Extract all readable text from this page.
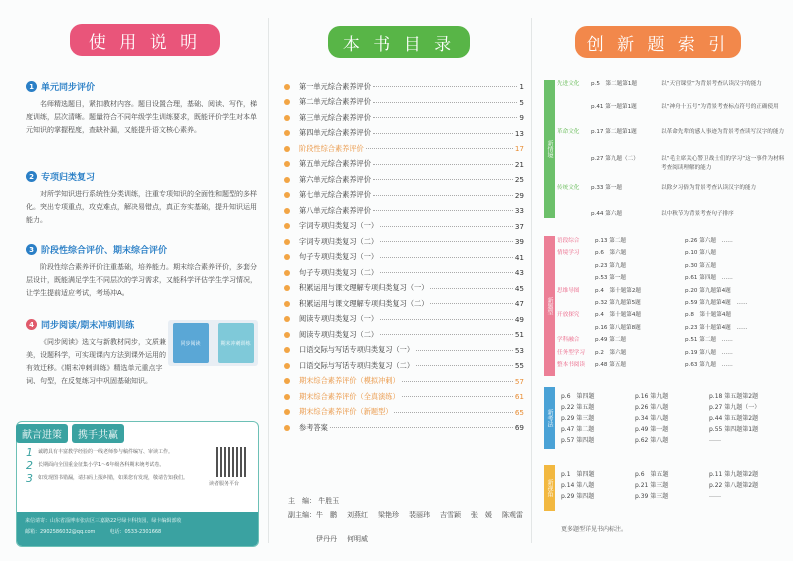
使 用 说 明
1 单元同步评价
名师精选题目，紧扣教材内容。题目设置合理，基础、阅读、写作，梯度训练，层次清晰。题量符合不同年级学生训练要求，既能评价学生对本单元知识的掌握程度，查缺补漏，又能提升语文核心素养。
2 专项归类复习
对所学知识进行系统性分类训练，注重专项知识的全面性和题型的多样化。突出专项重点，攻克难点，解决易错点，真正夯实基础，提升知识运用能力。
3 阶段性综合评价、期末综合评价
阶段性综合素养评价注重基础，培养能力。期末综合素养评价，多套分层设计，既能满足学生不同层次的学习需求，又能科学评估学生学习情况，让学生提前适应考试，考场冲A。
4 同步阅读/期末冲刺训练
《同步阅读》选文与新教材同步，文质兼美，设题科学，可实现课内方法到课外运用的有效迁移。《期末冲刺训练》精选单元重点字词、句型，在反复练习中巩固基础知识。
同步阅读	期末冲刺训练
献言进策	携手共赢
1	诚聘具有丰富教学经验的一线老师参与稿件编写、审读工作。
2	长期面向全国重金征集小学1～6年级各科期末统考试卷。
3	如发现图书错漏，请扫码上报纠错，如果您有发现，敬请告知我们。
读者服务平台
来信请寄：山东省淄博市张店区三嘉路22号绿卡科技园，绿卡编辑部收
邮箱：2902586032@qq.com	电话：0533-2301668
本 书 目 录
第一单元综合素养评价	1
第二单元综合素养评价	5
第三单元综合素养评价	9
第四单元综合素养评价	13
阶段性综合素养评价	17
第五单元综合素养评价	21
第六单元综合素养评价	25
第七单元综合素养评价	29
第八单元综合素养评价	33
字词专项归类复习（一）	37
字词专项归类复习（二）	39
句子专项归类复习（一）	41
句子专项归类复习（二）	43
积累运用与课文理解专项归类复习（一）	45
积累运用与课文理解专项归类复习（二）	47
阅读专项归类复习（一）	49
阅读专项归类复习（二）	51
口语交际与写话专项归类复习（一）	53
口语交际与写话专项归类复习（二）	55
期末综合素养评价（模拟冲刺）	57
期末综合素养评价（全真演练）	61
期末综合素养评价（新题型）	65
参考答案	69
主　编： 牛胜玉
副主编： 牛　鹏 刘燕红 梁艳珍 裴丽玮 吉雪颖 张　媛 陈观雷
伊丹丹 何明威
创 新 题 索 引
新情境
先进文化	p.5　第二题第1题	以“天宫课堂”为背景考查认读汉字的能力
p.41 第一题第1题	以“神舟十五号”为背景考查标点符号的正确使用
革命文化	p.17 第二题第1题	以革命先辈的感人事迹为背景考查读写汉字的能力
p.27 第九题（二）	以“毛主席关心警卫战士们的学习”这一事件为材料考查阅读理解的能力
传统文化	p.33 第一题	以除夕习俗为背景考查认读汉字的能力
p.44 第六题	以中秋节为背景考查句子排序
新题型
语段综合	p.13 第二题	p.26 第六题　……
情境学习	p.6　第六题	p.10 第八题
p.23 第九题	p.30 第五题
p.53 第一题	p.61 第四题　……
思维导图	p.4　第十题第2题	p.20 第九题第4题
p.32 第九题第5题	p.59 第九题第4题　……
开放探究	p.4　第十题第4题	p.8　第十题第4题
p.16 第八题第8题	p.23 第十题第4题　……
学科融合	p.49 第二题	p.51 第二题　……
任务型学习	p.2　第六题	p.19 第八题　……
整本书阅读	p.48 第五题	p.63 第九题　……
新考法
p.6　第四题	p.16 第九题	p.18 第五题第2题
p.22 第五题	p.26 第八题	p.27 第九题（一）
p.29 第三题	p.34 第八题	p.44 第五题第2题
p.47 第二题	p.49 第一题	p.55 第四题第1题
p.57 第四题	p.62 第八题	……
新视角
p.1　第四题	p.6　第五题	p.11 第九题第2题
p.14 第八题	p.21 第三题	p.22 第八题第2题
p.29 第四题	p.39 第三题	……
更多题型详见书内标注。
